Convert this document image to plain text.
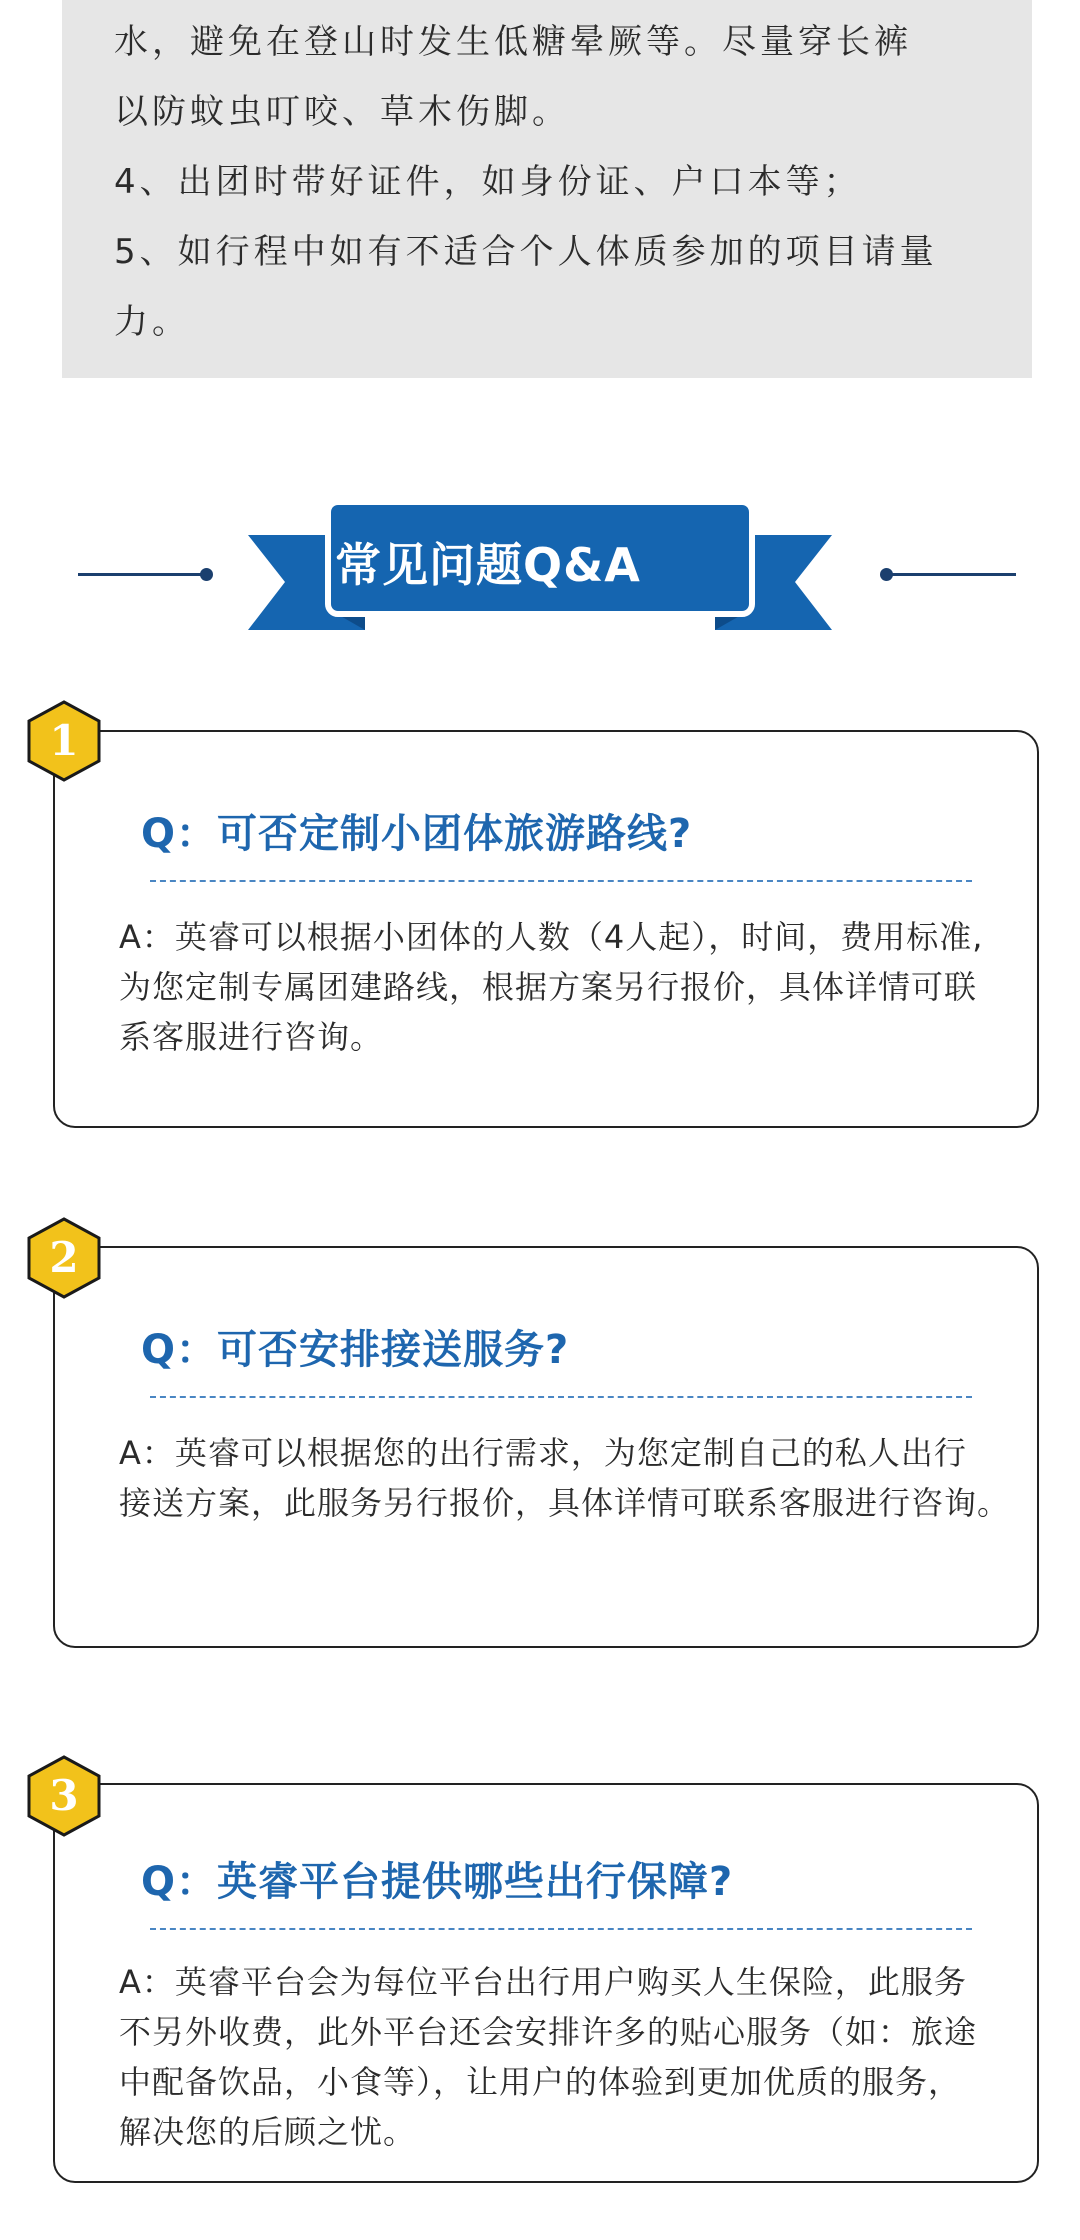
水，避免在登山时发生低糖晕厥等。尽量穿长裤
以防蚊虫叮咬、草木伤脚。
4、出团时带好证件，如身份证、户口本等；
5、如行程中如有不适合个人体质参加的项目请量
力。
常见问题Q&A
Q：可否定制小团体旅游路线?
A：英睿可以根据小团体的人数（4人起），时间，费用标准,
为您定制专属团建路线，根据方案另行报价，具体详情可联
系客服进行咨询。
1
Q：可否安排接送服务?
A：英睿可以根据您的出行需求，为您定制自己的私人出行
接送方案，此服务另行报价，具体详情可联系客服进行咨询。
2
Q：英睿平台提供哪些出行保障?
A：英睿平台会为每位平台出行用户购买人生保险，此服务
不另外收费，此外平台还会安排许多的贴心服务（如：旅途
中配备饮品，小食等），让用户的体验到更加优质的服务，
解决您的后顾之忧。
3
